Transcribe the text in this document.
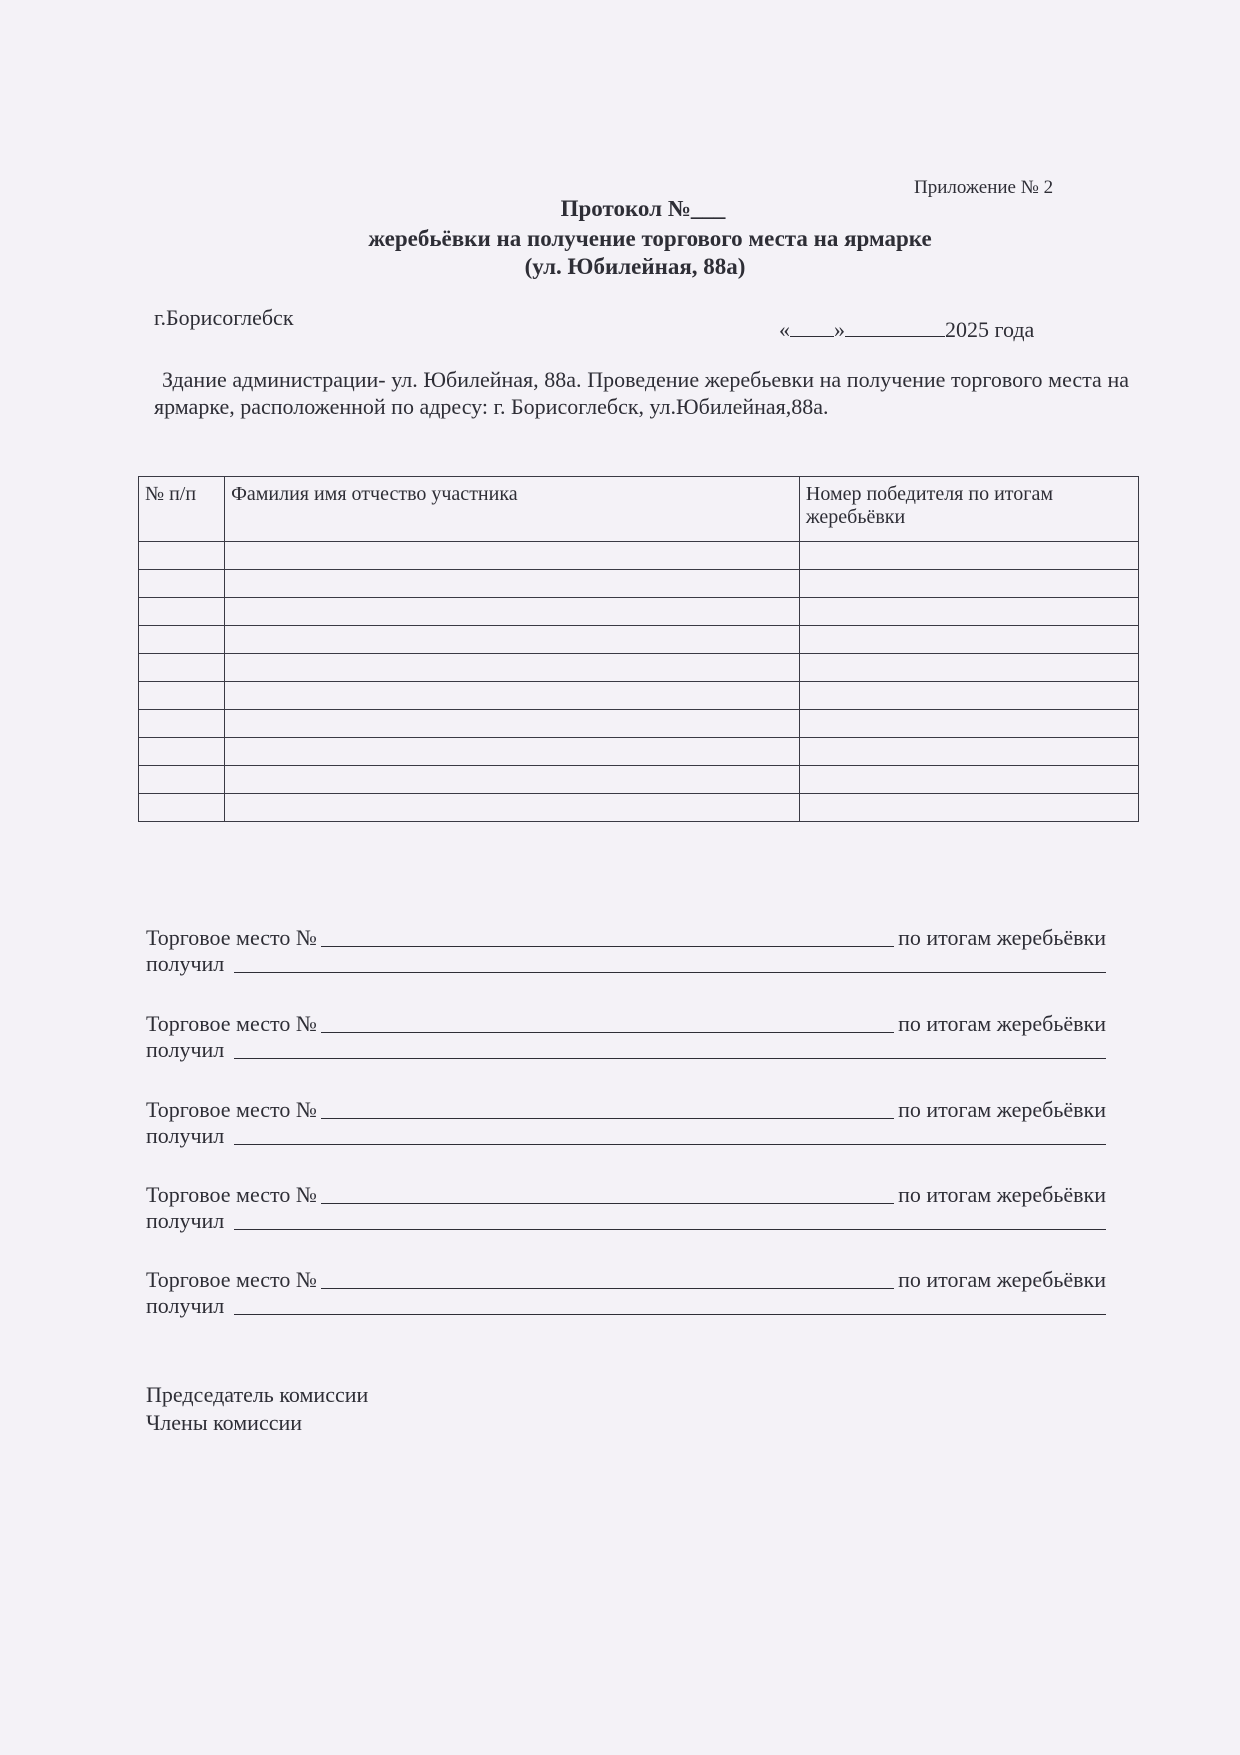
Приложение № 2
Протокол №___
жеребьёвки на получение торгового места на ярмарке
(ул. Юбилейная, 88а)
г.Борисоглебск	« »	2025 года
Здание администрации- ул. Юбилейная, 88а. Проведение жеребьевки на получение торгового места на ярмарке, расположенной по адресу: г. Борисоглебск, ул.Юбилейная,88а.
№ п/п	Фамилия имя отчество участника	Номер победителя по итогам жеребьёвки

Торговое место №	по итогам жеребьёвки
получил
Торговое место №	по итогам жеребьёвки
получил
Торговое место №	по итогам жеребьёвки
получил
Торговое место №	по итогам жеребьёвки
получил
Торговое место №	по итогам жеребьёвки
получил
Председатель комиссии
Члены комиссии
